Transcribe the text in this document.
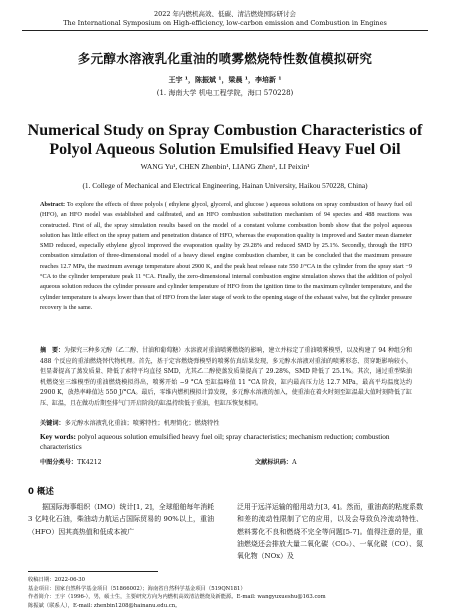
2022 年内燃机高效、低碳、清洁燃烧国际研讨会
The International Symposium on High-efficiency, low-carbon emission and Combustion in Engines
多元醇水溶液乳化重油的喷雾燃烧特性数值模拟研究
王宇 ¹，陈振斌 ¹，梁晨 ¹，李培新 ¹
(1. 海南大学 机电工程学院，海口 570228)
Numerical Study on Spray Combustion Characteristics of
Polyol Aqueous Solution Emulsified Heavy Fuel Oil
WANG Yu¹, CHEN Zhenbin¹, LIANG Zhen¹, LI Peixin¹
(1. College of Mechanical and Electrical Engineering, Hainan University, Haikou 570228, China)
Abstract: To explore the effects of three polyols ( ethylene glycol, glycerol, and glucose ) aqueous solutions on spray combustion of heavy fuel oil (HFO), an HFO model was established and calibrated, and an HFO combustion substitution mechanism of 94 species and 488 reactions was constructed. First of all, the spray simulation results based on the model of a constant volume combustion bomb show that the polyol aqueous solution has little effect on the spray pattern and penetration distance of HFO, whereas the evaporation quality is improved and Sauter mean diameter SMD reduced, especially ethylene glycol improved the evaporation quality by 29.28% and reduced SMD by 25.1%. Secondly, through the HFO combustion simulation of three-dimensional model of a heavy diesel engine combustion chamber, it can be concluded that the maximum pressure reaches 12.7 MPa, the maximum average temperature about 2900 K, and the peak heat release rate 550 J/°CA in the cylinder from the spray start −9 °CA to the cylinder temperature peak 11 °CA. Finally, the zero-dimensional internal combustion engine simulation shows that the addition of polyol aqueous solution reduces the cylinder pressure and cylinder temperature of HFO from the ignition time to the maximum cylinder temperature, and the cylinder temperature is always lower than that of HFO from the later stage of work to the opening stage of the exhaust valve, but the cylinder pressure recovery is the same.
摘　要：为探究三种多元醇（乙二醇、甘油和葡萄糖）水溶液对重油喷雾燃烧的影响，建立并标定了重油喷雾模型，以及构建了 94 种组分和 488 个反应的重油燃烧替代物机理。首先，基于定容燃烧弹模型的喷雾仿真结果发现，多元醇水溶液对重油的喷雾形态、贯穿距影响较小，但显著提高了蒸发质量、降低了索特平均直径 SMD，尤其乙二醇使蒸发质量提高了 29.28%，SMD 降低了 25.1%。其次，通过重型柴油机燃烧室三维模型的重油燃烧模拟得出，喷雾开始 −9 °CA 至缸温峰值 11 °CA 阶段，缸内最高压力达 12.7 MPa，最高平均温度达约 2900 K，放热率峰值达 550 J/°CA。最后，零维内燃机模拟计算发现，多元醇水溶液的加入，使重油在着火时刻至缸温最大值时刻降低了缸压、缸温，且在做功后期至排气门开启阶段的缸温持续低于重油，但缸压恢复相同。
关键词：多元醇水溶液乳化重油；喷雾特性；机理简化；燃烧特性
Key words: polyol aqueous solution emulsified heavy fuel oil; spray characteristics; mechanism reduction; combustion characteristics
中图分类号：TK4212	文献标识码：A
0 概述
据国际海事组织（IMO）统计[1, 2]，全球船舶每年消耗 3 亿吨化石油，柴油动力航运占国际贸易的 90%以上，重油（HFO）因其高热值和低成本被广
泛用于远洋运输的船用动力[3, 4]。然而，重油高的粘度系数和差的流动性限制了它的应用，以及会导致负冷流动特性、燃料雾化不良和燃烧不完全等问题[5-7]。值得注意的是，重油燃烧还会排放大量二氧化碳（CO₂）、一氧化碳（CO）、氮氧化物（NOx）及
收稿日期：2022-06-30
基金项目：国家自然科学基金项目（51866002）；海南省自然科学基金项目（519QN181）
作者简介：王宇（1996-），男，硕士生，主要研究方向为内燃机高效清洁燃烧及新能源。E-mail: wangyuxueshu@163.com
陈振斌（联系人），E-mail: zhenbin1208@hainanu.edu.cn。
